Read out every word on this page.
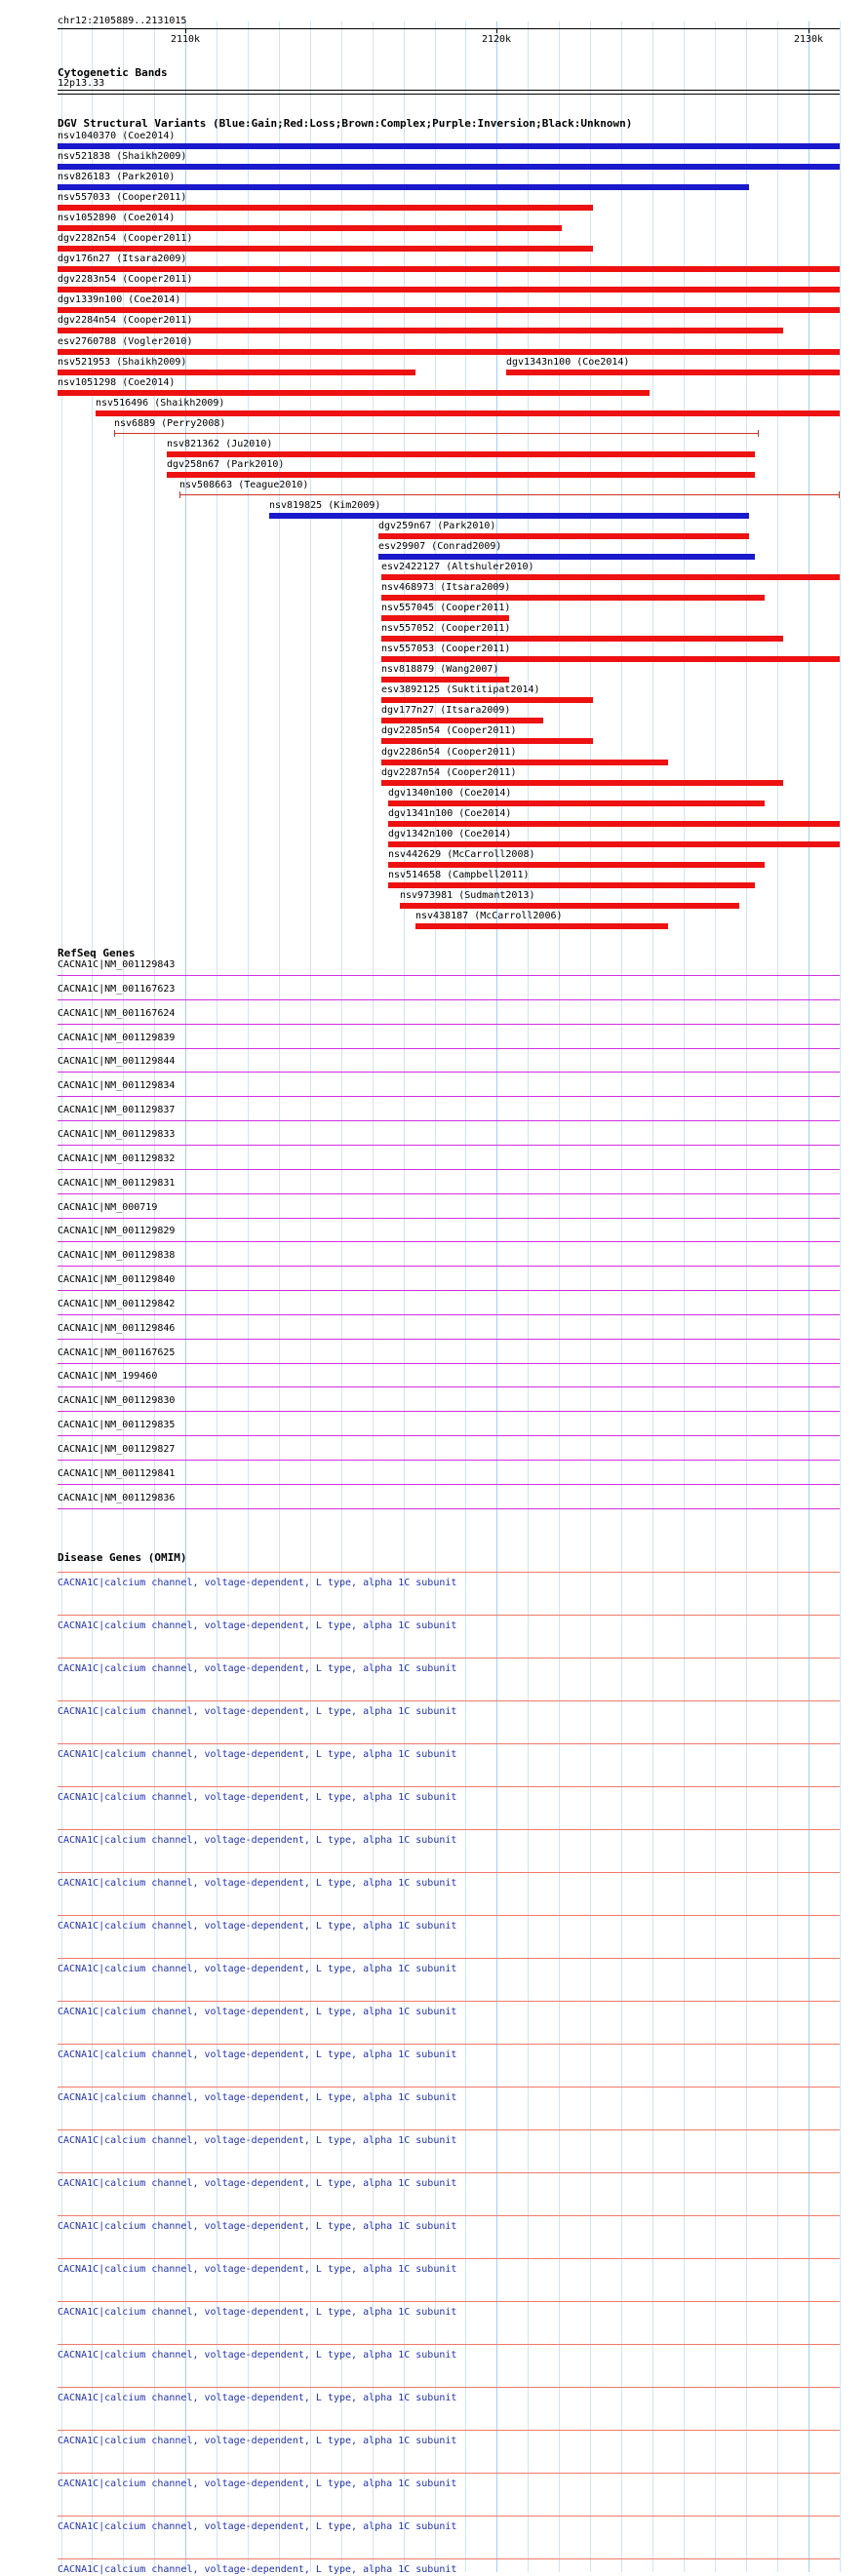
chr12:2105889..2131015
2110k	2120k	2130k
Cytogenetic Bands
12p13.33
DGV Structural Variants (Blue:Gain;Red:Loss;Brown:Complex;Purple:Inversion;Black:Unknown)
nsv1040370 (Coe2014)
nsv521838 (Shaikh2009)
nsv826183 (Park2010)
nsv557033 (Cooper2011)
nsv1052890 (Coe2014)
dgv2282n54 (Cooper2011)
dgv176n27 (Itsara2009)
dgv2283n54 (Cooper2011)
dgv1339n100 (Coe2014)
dgv2284n54 (Cooper2011)
esv2760788 (Vogler2010)
nsv521953 (Shaikh2009)	dgv1343n100 (Coe2014)
nsv1051298 (Coe2014)
nsv516496 (Shaikh2009)
nsv6889 (Perry2008)
nsv821362 (Ju2010)
dgv258n67 (Park2010)
nsv508663 (Teague2010)
nsv819825 (Kim2009)
dgv259n67 (Park2010)
esv29907 (Conrad2009)
esv2422127 (Altshuler2010)
nsv468973 (Itsara2009)
nsv557045 (Cooper2011)
nsv557052 (Cooper2011)
nsv557053 (Cooper2011)
nsv818879 (Wang2007)
esv3892125 (Suktitipat2014)
dgv177n27 (Itsara2009)
dgv2285n54 (Cooper2011)
dgv2286n54 (Cooper2011)
dgv2287n54 (Cooper2011)
dgv1340n100 (Coe2014)
dgv1341n100 (Coe2014)
dgv1342n100 (Coe2014)
nsv442629 (McCarroll2008)
nsv514658 (Campbell2011)
nsv973981 (Sudmant2013)
nsv438187 (McCarroll2006)
RefSeq Genes
CACNA1C|NM_001129843
CACNA1C|NM_001167623
CACNA1C|NM_001167624
CACNA1C|NM_001129839
CACNA1C|NM_001129844
CACNA1C|NM_001129834
CACNA1C|NM_001129837
CACNA1C|NM_001129833
CACNA1C|NM_001129832
CACNA1C|NM_001129831
CACNA1C|NM_000719
CACNA1C|NM_001129829
CACNA1C|NM_001129838
CACNA1C|NM_001129840
CACNA1C|NM_001129842
CACNA1C|NM_001129846
CACNA1C|NM_001167625
CACNA1C|NM_199460
CACNA1C|NM_001129830
CACNA1C|NM_001129835
CACNA1C|NM_001129827
CACNA1C|NM_001129841
CACNA1C|NM_001129836
Disease Genes (OMIM)
CACNA1C|calcium channel, voltage-dependent, L type, alpha 1C subunit
CACNA1C|calcium channel, voltage-dependent, L type, alpha 1C subunit
CACNA1C|calcium channel, voltage-dependent, L type, alpha 1C subunit
CACNA1C|calcium channel, voltage-dependent, L type, alpha 1C subunit
CACNA1C|calcium channel, voltage-dependent, L type, alpha 1C subunit
CACNA1C|calcium channel, voltage-dependent, L type, alpha 1C subunit
CACNA1C|calcium channel, voltage-dependent, L type, alpha 1C subunit
CACNA1C|calcium channel, voltage-dependent, L type, alpha 1C subunit
CACNA1C|calcium channel, voltage-dependent, L type, alpha 1C subunit
CACNA1C|calcium channel, voltage-dependent, L type, alpha 1C subunit
CACNA1C|calcium channel, voltage-dependent, L type, alpha 1C subunit
CACNA1C|calcium channel, voltage-dependent, L type, alpha 1C subunit
CACNA1C|calcium channel, voltage-dependent, L type, alpha 1C subunit
CACNA1C|calcium channel, voltage-dependent, L type, alpha 1C subunit
CACNA1C|calcium channel, voltage-dependent, L type, alpha 1C subunit
CACNA1C|calcium channel, voltage-dependent, L type, alpha 1C subunit
CACNA1C|calcium channel, voltage-dependent, L type, alpha 1C subunit
CACNA1C|calcium channel, voltage-dependent, L type, alpha 1C subunit
CACNA1C|calcium channel, voltage-dependent, L type, alpha 1C subunit
CACNA1C|calcium channel, voltage-dependent, L type, alpha 1C subunit
CACNA1C|calcium channel, voltage-dependent, L type, alpha 1C subunit
CACNA1C|calcium channel, voltage-dependent, L type, alpha 1C subunit
CACNA1C|calcium channel, voltage-dependent, L type, alpha 1C subunit
CACNA1C|calcium channel, voltage-dependent, L type, alpha 1C subunit
